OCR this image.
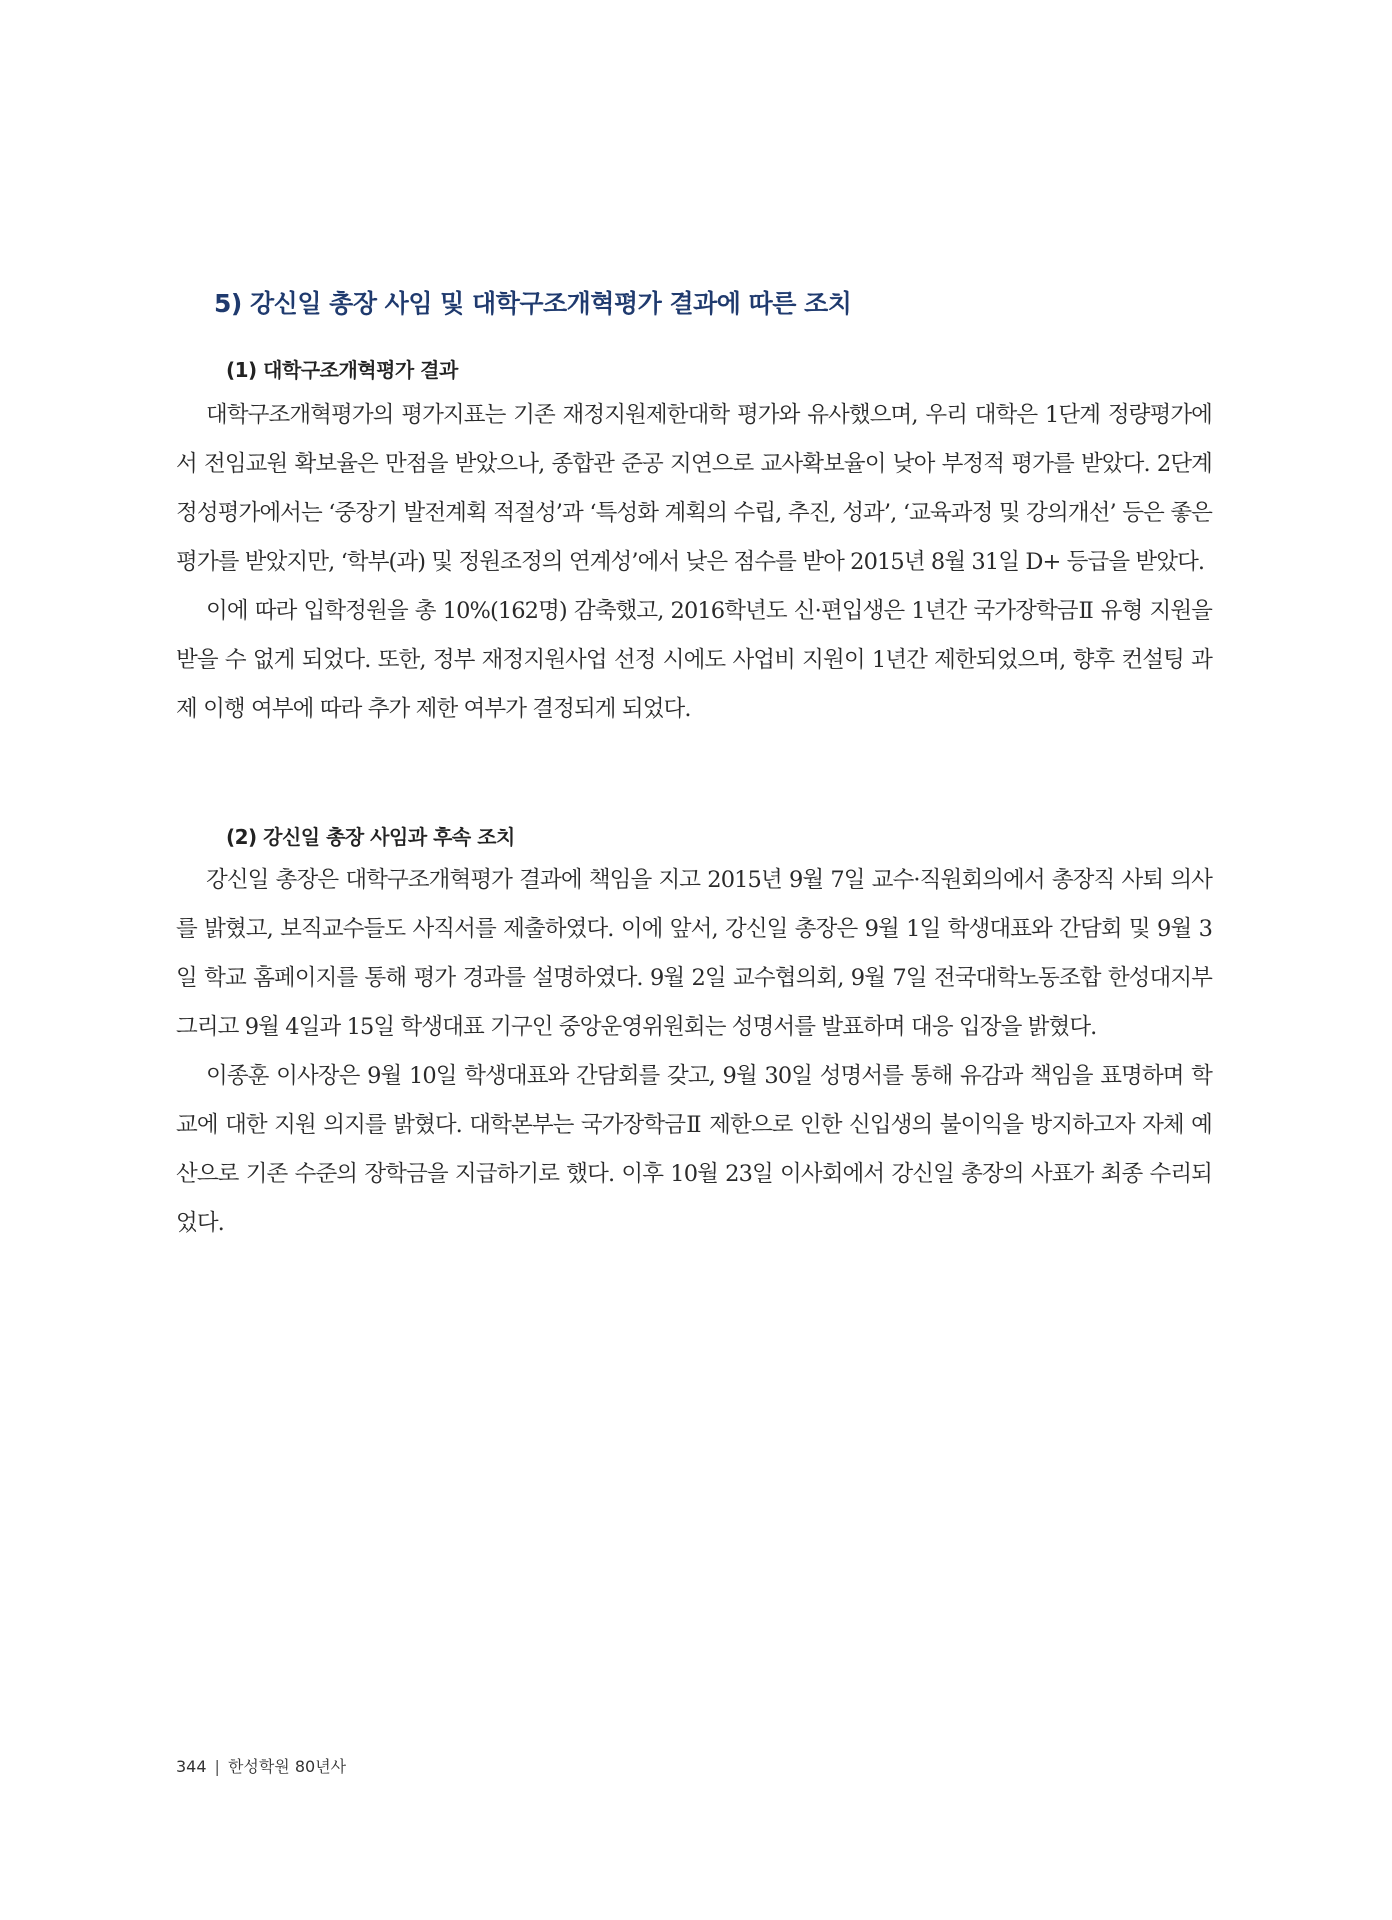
5) 강신일 총장 사임 및 대학구조개혁평가 결과에 따른 조치
(1) 대학구조개혁평가 결과

대학구조개혁평가의 평가지표는 기존 재정지원제한대학 평가와 유사했으며, 우리 대학은 1단계 정량평가에서 전임교원 확보율은 만점을 받았으나, 종합관 준공 지연으로 교사확보율이 낮아 부정적 평가를 받았다. 2단계 정성평가에서는 ‘중장기 발전계획 적절성’과 ‘특성화 계획의 수립, 추진, 성과’, ‘교육과정 및 강의개선’ 등은 좋은 평가를 받았지만, ‘학부(과) 및 정원조정의 연계성’에서 낮은 점수를 받아 2015년 8월 31일 D+ 등급을 받았다.

이에 따라 입학정원을 총 10%(162명) 감축했고, 2016학년도 신·편입생은 1년간 국가장학금Ⅱ 유형 지원을 받을 수 없게 되었다. 또한, 정부 재정지원사업 선정 시에도 사업비 지원이 1년간 제한되었으며, 향후 컨설팅 과제 이행 여부에 따라 추가 제한 여부가 결정되게 되었다.

(2) 강신일 총장 사임과 후속 조치

강신일 총장은 대학구조개혁평가 결과에 책임을 지고 2015년 9월 7일 교수·직원회의에서 총장직 사퇴 의사를 밝혔고, 보직교수들도 사직서를 제출하였다. 이에 앞서, 강신일 총장은 9월 1일 학생대표와 간담회 및 9월 3일 학교 홈페이지를 통해 평가 경과를 설명하였다. 9월 2일 교수협의회, 9월 7일 전국대학노동조합 한성대지부 그리고 9월 4일과 15일 학생대표 기구인 중앙운영위원회는 성명서를 발표하며 대응 입장을 밝혔다.

이종훈 이사장은 9월 10일 학생대표와 간담회를 갖고, 9월 30일 성명서를 통해 유감과 책임을 표명하며 학교에 대한 지원 의지를 밝혔다. 대학본부는 국가장학금Ⅱ 제한으로 인한 신입생의 불이익을 방지하고자 자체 예산으로 기존 수준의 장학금을 지급하기로 했다. 이후 10월 23일 이사회에서 강신일 총장의 사표가 최종 수리되었다.

344 | 한성학원 80년사
